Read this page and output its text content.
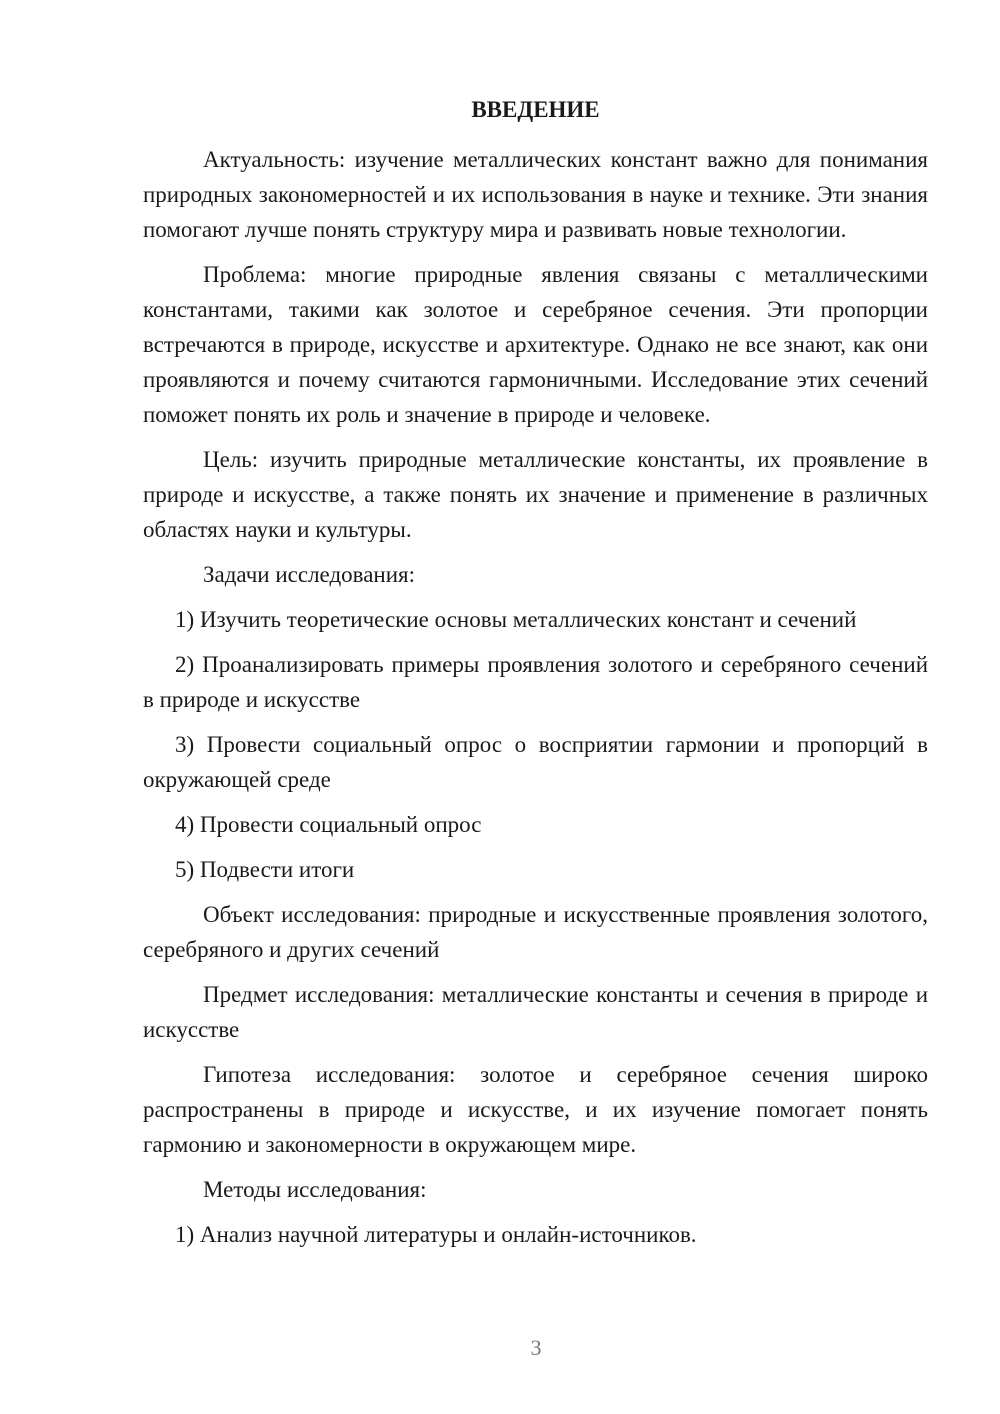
ВВЕДЕНИЕ

Актуальность: изучение металлических констант важно для понимания природных закономерностей и их использования в науке и технике. Эти знания помогают лучше понять структуру мира и развивать новые технологии.

Проблема: многие природные явления связаны с металлическими константами, такими как золотое и серебряное сечения. Эти пропорции встречаются в природе, искусстве и архитектуре. Однако не все знают, как они проявляются и почему считаются гармоничными. Исследование этих сечений поможет понять их роль и значение в природе и человеке.

Цель: изучить природные металлические константы, их проявление в природе и искусстве, а также понять их значение и применение в различных областях науки и культуры.

Задачи исследования:

1) Изучить теоретические основы металлических констант и сечений

2) Проанализировать примеры проявления золотого и серебряного сечений в природе и искусстве

3) Провести социальный опрос о восприятии гармонии и пропорций в окружающей среде

4) Провести социальный опрос

5) Подвести итоги

Объект исследования: природные и искусственные проявления золотого, серебряного и других сечений

Предмет исследования: металлические константы и сечения в природе и искусстве

Гипотеза исследования: золотое и серебряное сечения широко распространены в природе и искусстве, и их изучение помогает понять гармонию и закономерности в окружающем мире.

Методы исследования:

1) Анализ научной литературы и онлайн-источников.

3
